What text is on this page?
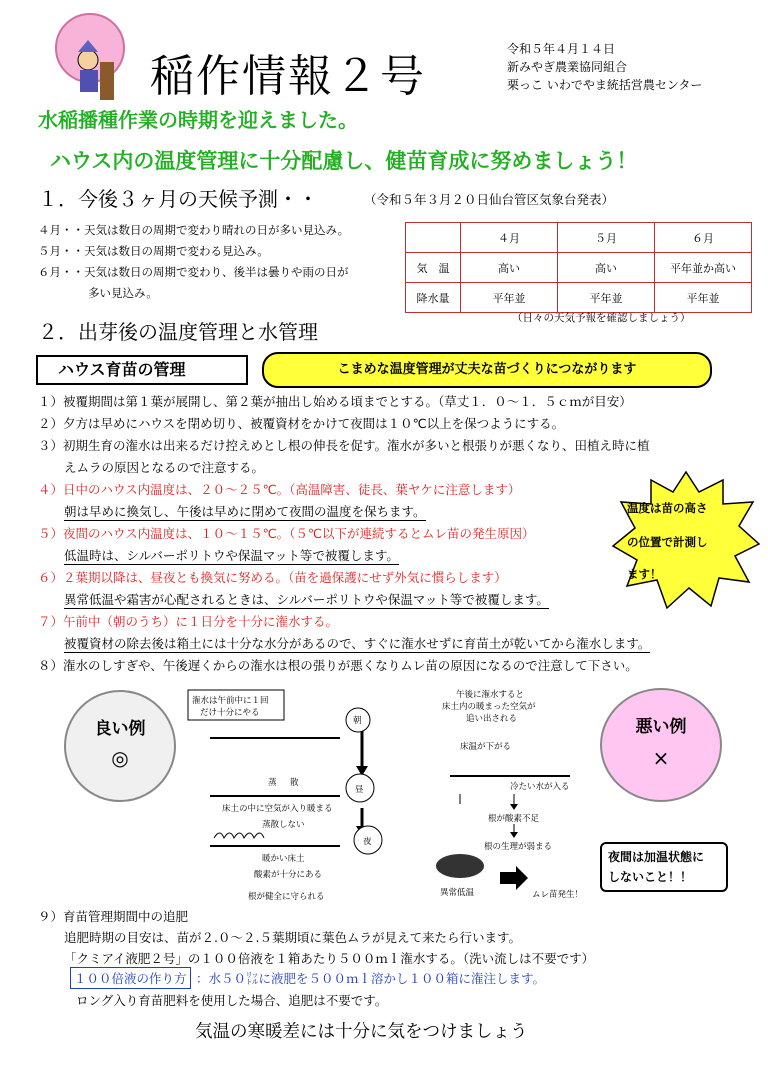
稲作情報２号
令和５年４月１４日
新みやぎ農業協同組合
栗っこ いわでやま統括営農センター
水稲播種作業の時期を迎えました。
ハウス内の温度管理に十分配慮し、健苗育成に努めましょう！
１．今後３ヶ月の天候予測・・	（令和５年３月２０日仙台管区気象台発表）
４月・・天気は数日の周期で変わり晴れの日が多い見込み。
５月・・天気は数日の周期で変わる見込み。
６月・・天気は数日の周期で変わり、後半は曇りや雨の日が
多い見込み。
	４月	５月	６月
気　温	高い	高い	平年並か高い
降水量	平年並	平年並	平年並
（日々の天気予報を確認しましょう）
２．出芽後の温度管理と水管理
ハウス育苗の管理	こまめな温度管理が丈夫な苗づくりにつながります
１）被覆期間は第１葉が展開し、第２葉が抽出し始める頃までとする。（草丈１．０～１．５ｃｍが目安）
２）夕方は早めにハウスを閉め切り、被覆資材をかけて夜間は１０℃以上を保つようにする。
３）初期生育の潅水は出来るだけ控えめとし根の伸長を促す。潅水が多いと根張りが悪くなり、田植え時に植
えムラの原因となるので注意する。
４）日中のハウス内温度は、２０～２５℃。（高温障害、徒長、葉ヤケに注意します）
朝は早めに換気し、午後は早めに閉めて夜間の温度を保ちます。
５）夜間のハウス内温度は、１０～１５℃。（５℃以下が連続するとムレ苗の発生原因）
低温時は、シルバーポリトウや保温マット等で被覆します。
６）２葉期以降は、昼夜とも換気に努める。（苗を過保護にせず外気に慣らします）
異常低温や霜害が心配されるときは、シルバーポリトウや保温マット等で被覆します。
７）午前中（朝のうち）に１日分を十分に潅水する。
被覆資材の除去後は箱土には十分な水分があるので、すぐに潅水せずに育苗土が乾いてから潅水します。
８）潅水のしすぎや、午後遅くからの潅水は根の張りが悪くなりムレ苗の原因になるので注意して下さい。
温度は苗の高さ
の位置で計測し
ます！
良い例
◎
潅水は午前中に１回
だけ十分にやる
朝
蒸 散
昼
床土の中に空気が入り暖まる
蒸散しない
夜
暖かい床土
酸素が十分にある
根が健全に守られる
午後に潅水すると
床土内の暖まった空気が
追い出される
床温が下がる
冷たい水が入る
根が酸素不足
根の生理が弱まる
異常低温	ムレ苗発生！
悪い例
×
夜間は加温状態に
しないこと！！
９）育苗管理期間中の追肥
追肥時期の目安は、苗が２.０～２.５葉期頃に葉色ムラが見えて来たら行います。
「クミアイ液肥２号」の１００倍液を１箱あたり５００ｍｌ潅水する。（洗い流しは不要です）
１００倍液の作り方 ：水５０㍑に液肥を５００ｍｌ溶かし１００箱に潅注します。
ロング入り育苗肥料を使用した場合、追肥は不要です。
気温の寒暖差には十分に気をつけましょう
